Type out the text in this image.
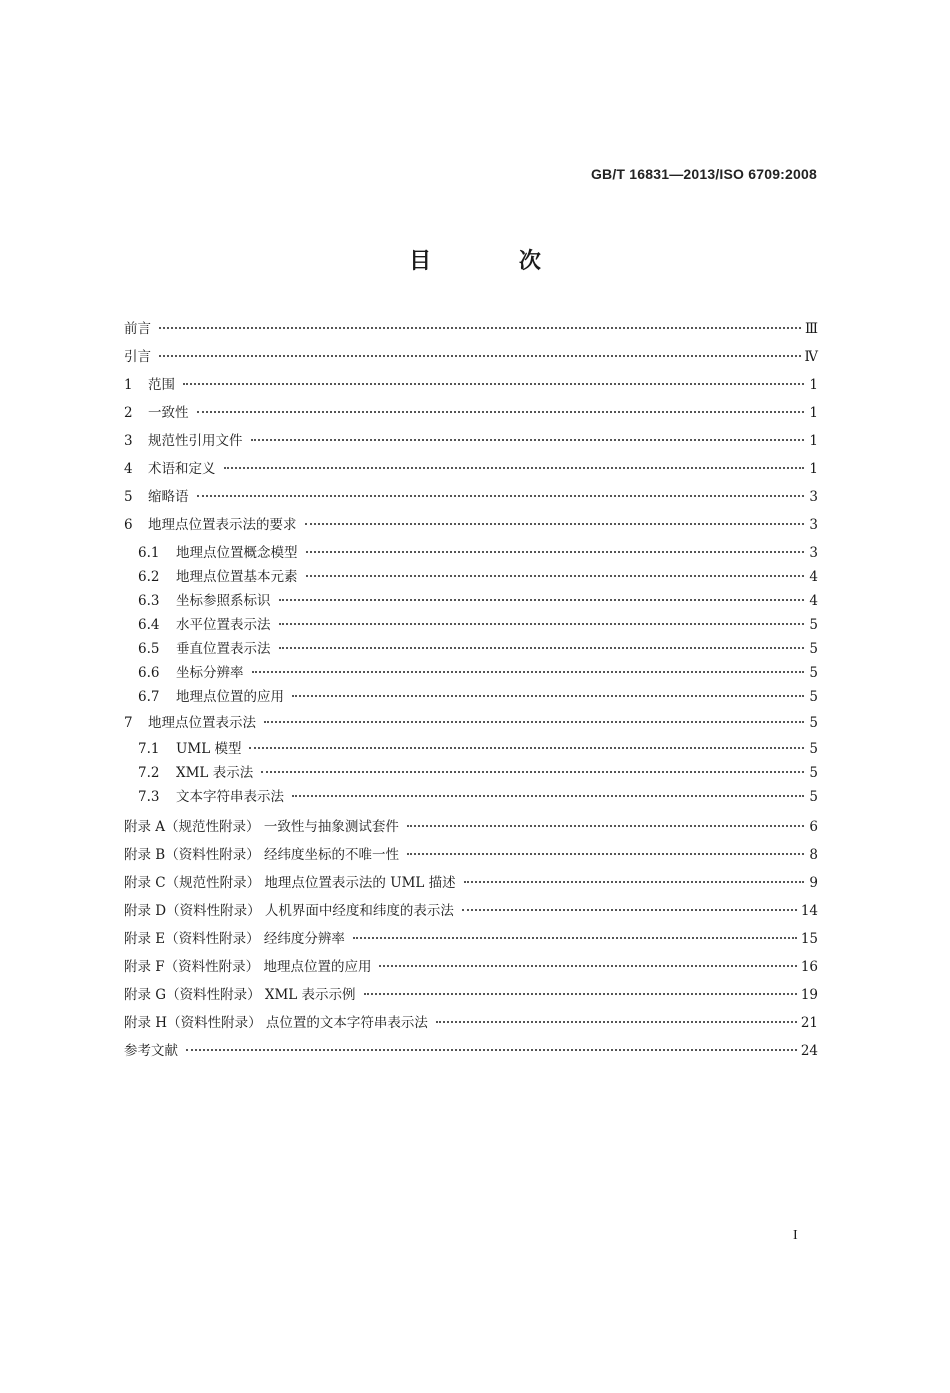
GB/T 16831—2013/ISO 6709:2008
目 次
前言	Ⅲ
引言	Ⅳ
1	范围	1
2	一致性	1
3	规范性引用文件	1
4	术语和定义	1
5	缩略语	3
6	地理点位置表示法的要求	3
6.1	地理点位置概念模型	3
6.2	地理点位置基本元素	4
6.3	坐标参照系标识	4
6.4	水平位置表示法	5
6.5	垂直位置表示法	5
6.6	坐标分辨率	5
6.7	地理点位置的应用	5
7	地理点位置表示法	5
7.1	UML 模型	5
7.2	XML 表示法	5
7.3	文本字符串表示法	5
附录 A（规范性附录） 一致性与抽象测试套件	6
附录 B（资料性附录） 经纬度坐标的不唯一性	8
附录 C（规范性附录） 地理点位置表示法的 UML 描述	9
附录 D（资料性附录） 人机界面中经度和纬度的表示法	14
附录 E（资料性附录） 经纬度分辨率	15
附录 F（资料性附录） 地理点位置的应用	16
附录 G（资料性附录） XML 表示示例	19
附录 H（资料性附录） 点位置的文本字符串表示法	21
参考文献	24
I
